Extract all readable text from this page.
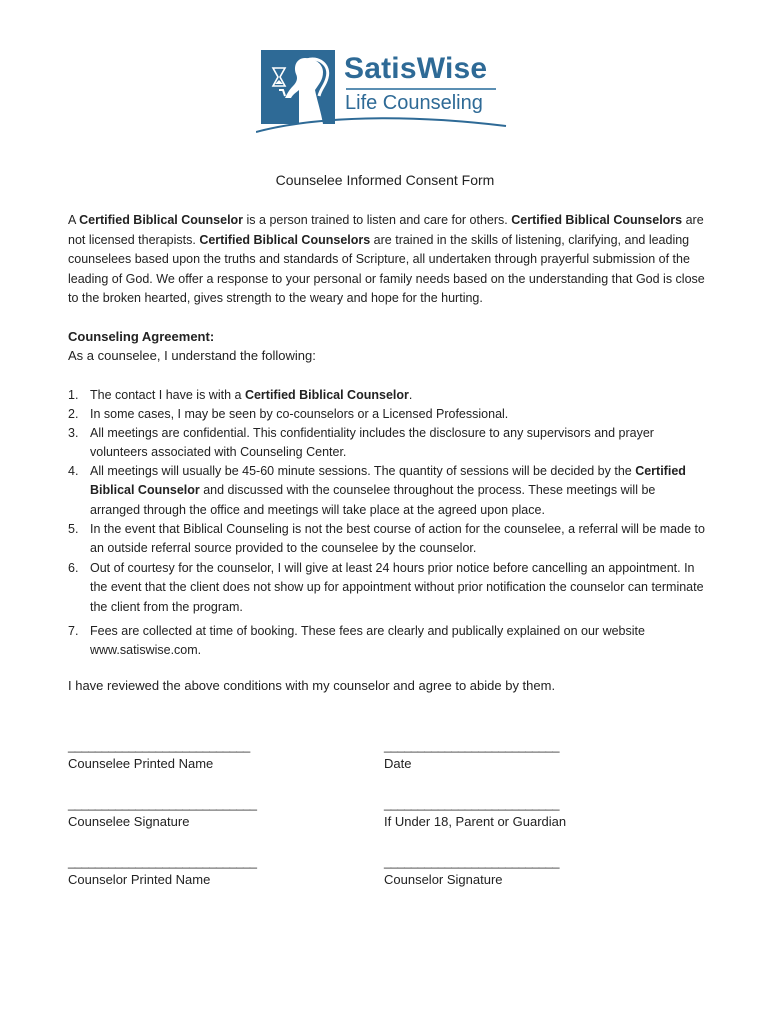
SatisWise
Life Counseling
Counselee Informed Consent Form
A Certified Biblical Counselor is a person trained to listen and care for others. Certified Biblical Counselors are not licensed therapists. Certified Biblical Counselors are trained in the skills of listening, clarifying, and leading counselees based upon the truths and standards of Scripture, all undertaken through prayerful submission of the leading of God. We offer a response to your personal or family needs based on the understanding that God is close to the broken hearted, gives strength to the weary and hope for the hurting.
Counseling Agreement:
As a counselee, I understand the following:
1. The contact I have is with a Certified Biblical Counselor.
2. In some cases, I may be seen by co-counselors or a Licensed Professional.
3. All meetings are confidential. This confidentiality includes the disclosure to any supervisors and prayer volunteers associated with Counseling Center.
4. All meetings will usually be 45-60 minute sessions. The quantity of sessions will be decided by the Certified Biblical Counselor and discussed with the counselee throughout the process. These meetings will be arranged through the office and meetings will take place at the agreed upon place.
5. In the event that Biblical Counseling is not the best course of action for the counselee, a referral will be made to an outside referral source provided to the counselee by the counselor.
6. Out of courtesy for the counselor, I will give at least 24 hours prior notice before cancelling an appointment. In the event that the client does not show up for appointment without prior notification the counselor can terminate the client from the program.
7. Fees are collected at time of booking. These fees are clearly and publically explained on our website www.satiswise.com.
I have reviewed the above conditions with my counselor and agree to abide by them.
___________________________
Counselee Printed Name
__________________________
Date
____________________________
Counselee Signature
__________________________
If Under 18, Parent or Guardian
____________________________
Counselor Printed Name
__________________________
Counselor Signature
